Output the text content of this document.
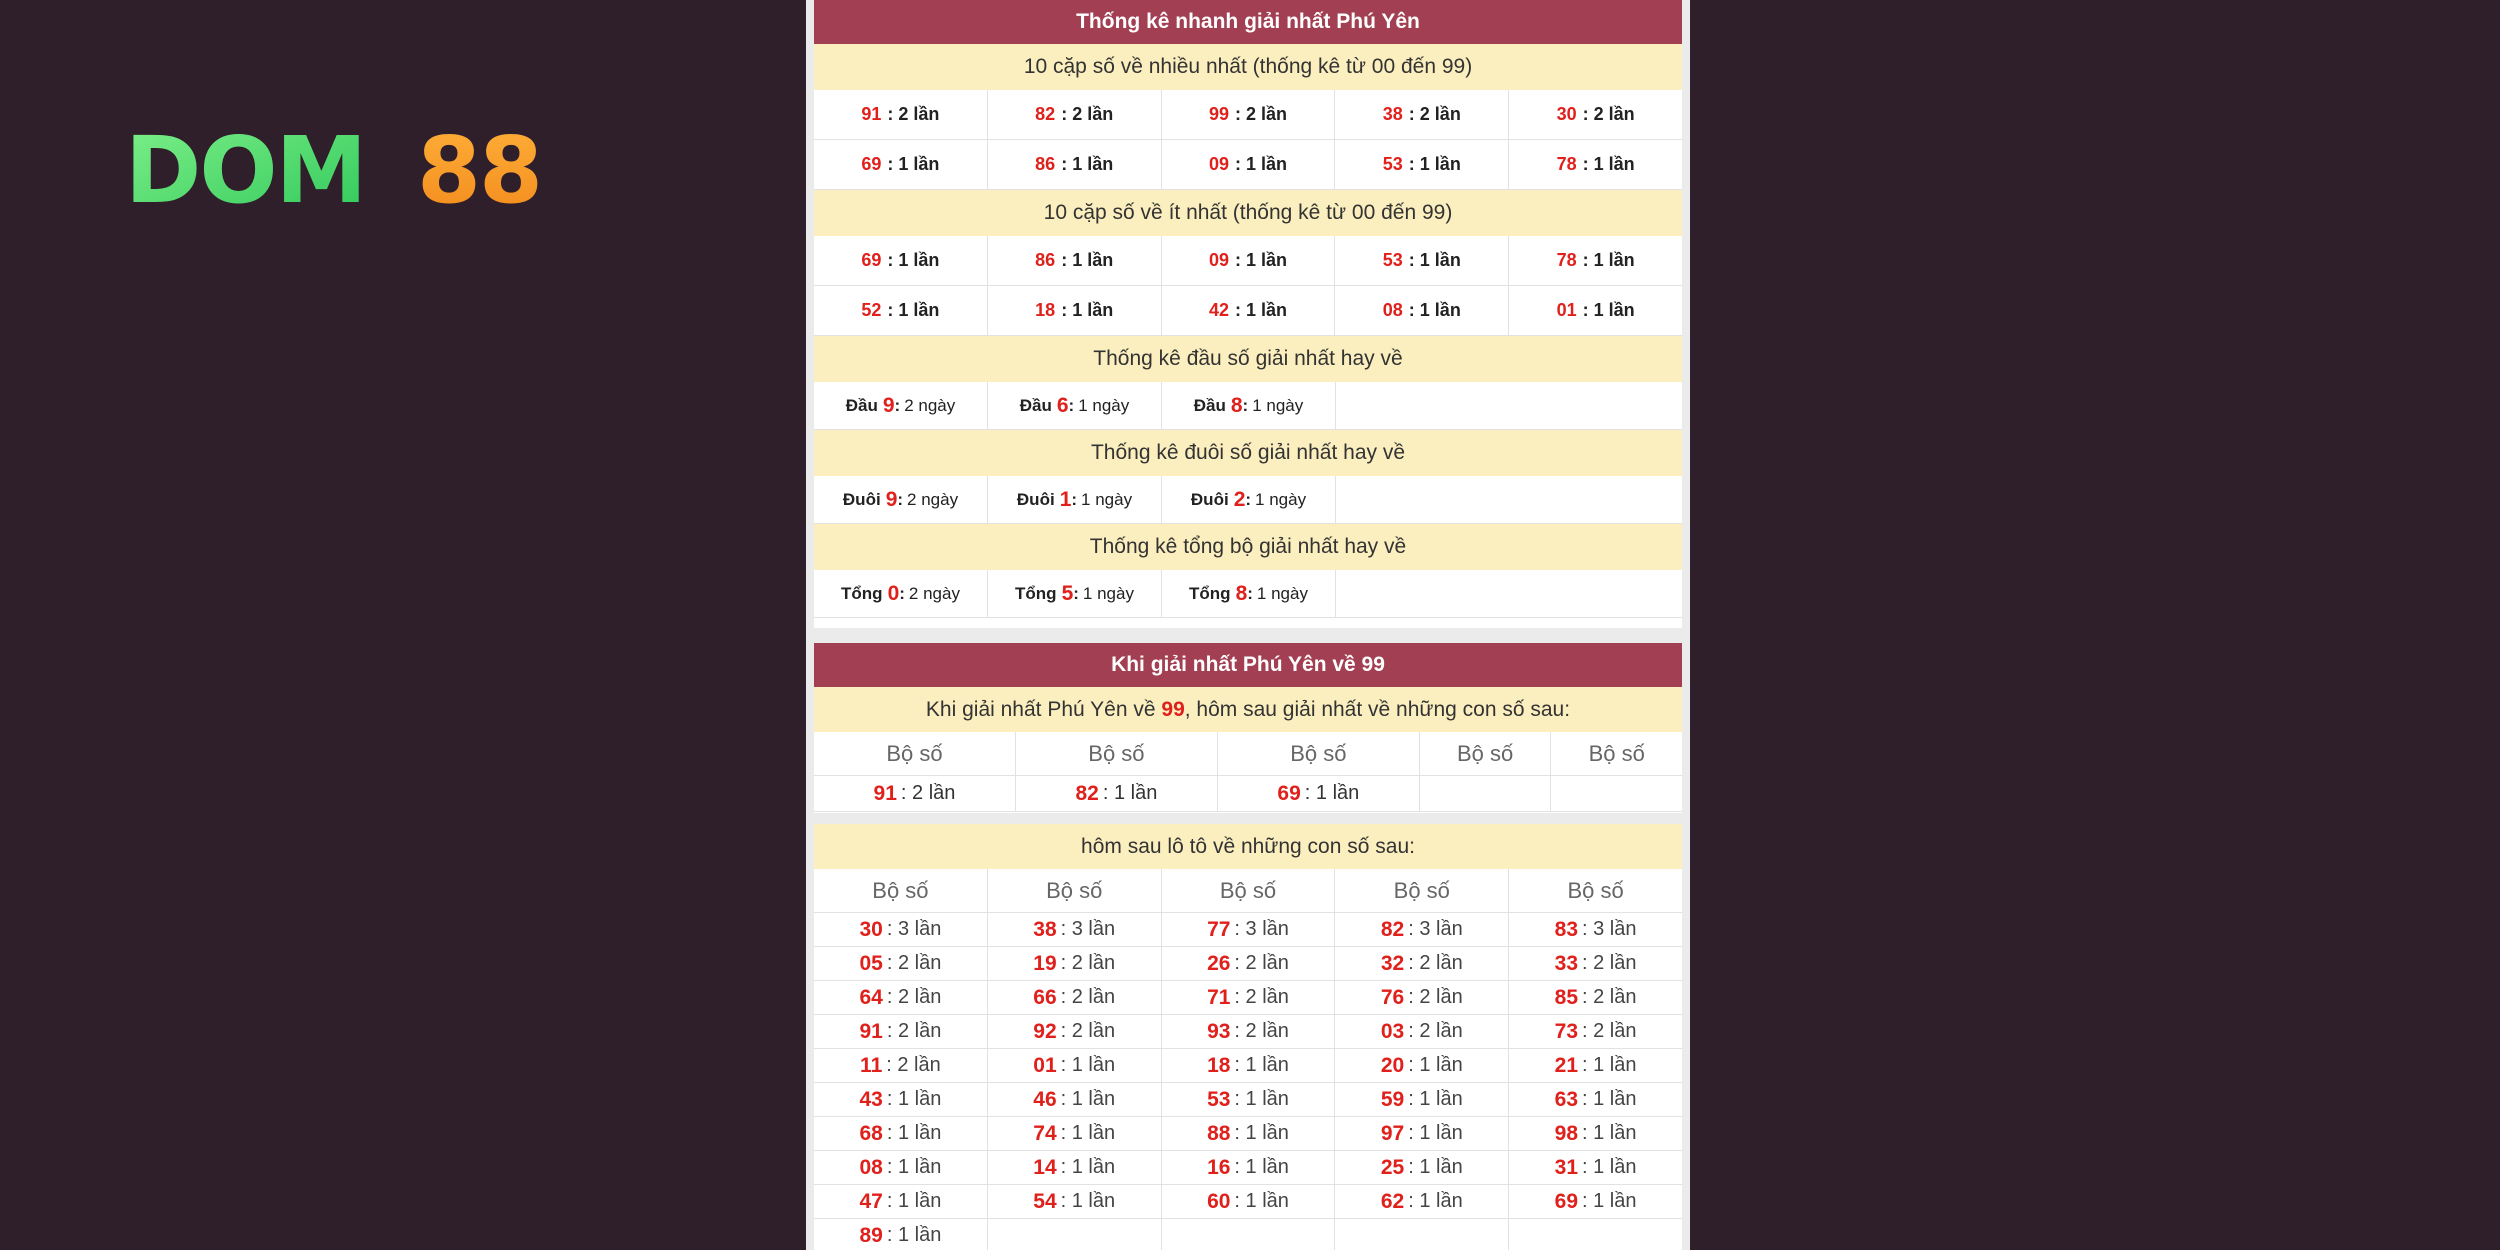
DOM 88
Thống kê nhanh giải nhất Phú Yên
10 cặp số về nhiều nhất (thống kê từ 00 đến 99)
91 : 2 lần	82 : 2 lần	99 : 2 lần	38 : 2 lần	30 : 2 lần
69 : 1 lần	86 : 1 lần	09 : 1 lần	53 : 1 lần	78 : 1 lần
10 cặp số về ít nhất (thống kê từ 00 đến 99)
69 : 1 lần	86 : 1 lần	09 : 1 lần	53 : 1 lần	78 : 1 lần
52 : 1 lần	18 : 1 lần	42 : 1 lần	08 : 1 lần	01 : 1 lần
Thống kê đầu số giải nhất hay về
Đầu 9 : 2 ngày	Đầu 6 : 1 ngày	Đầu 8 : 1 ngày
Thống kê đuôi số giải nhất hay về
Đuôi 9 : 2 ngày	Đuôi 1 : 1 ngày	Đuôi 2 : 1 ngày
Thống kê tổng bộ giải nhất hay về
Tổng 0 : 2 ngày	Tổng 5 : 1 ngày	Tổng 8 : 1 ngày
Khi giải nhất Phú Yên về 99
Khi giải nhất Phú Yên về
99 , hôm sau giải nhất về những con số sau:
Bộ số	Bộ số	Bộ số	Bộ số	Bộ số
91 : 2 lần	82 : 1 lần	69 : 1 lần
hôm sau lô tô về những con số sau:
Bộ số	Bộ số	Bộ số	Bộ số	Bộ số
30 : 3 lần	38 : 3 lần	77 : 3 lần	82 : 3 lần	83 : 3 lần
05 : 2 lần	19 : 2 lần	26 : 2 lần	32 : 2 lần	33 : 2 lần
64 : 2 lần	66 : 2 lần	71 : 2 lần	76 : 2 lần	85 : 2 lần
91 : 2 lần	92 : 2 lần	93 : 2 lần	03 : 2 lần	73 : 2 lần
11 : 2 lần	01 : 1 lần	18 : 1 lần	20 : 1 lần	21 : 1 lần
43 : 1 lần	46 : 1 lần	53 : 1 lần	59 : 1 lần	63 : 1 lần
68 : 1 lần	74 : 1 lần	88 : 1 lần	97 : 1 lần	98 : 1 lần
08 : 1 lần	14 : 1 lần	16 : 1 lần	25 : 1 lần	31 : 1 lần
47 : 1 lần	54 : 1 lần	60 : 1 lần	62 : 1 lần	69 : 1 lần
89 : 1 lần
